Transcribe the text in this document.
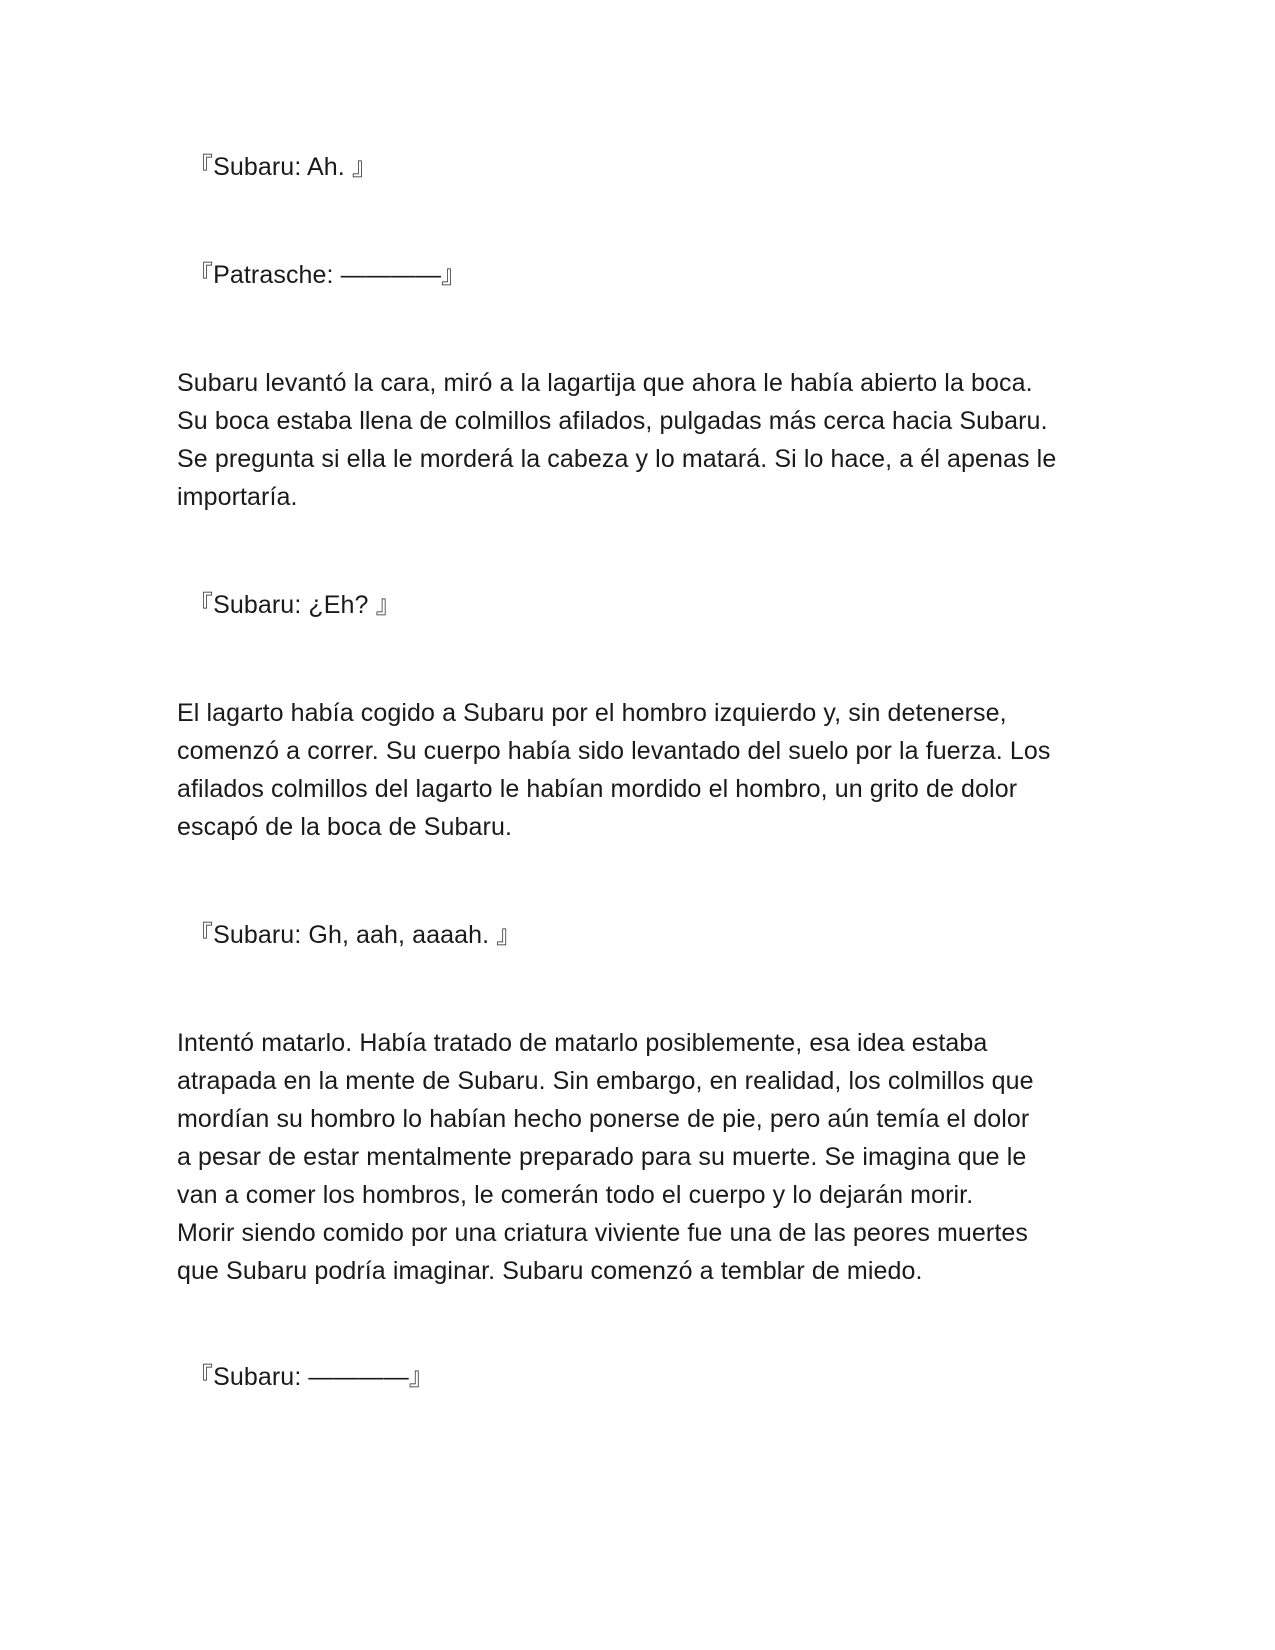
『Subaru: Ah. 』

『Patrasche: ————』

Subaru levantó la cara, miró a la lagartija que ahora le había abierto la boca.
Su boca estaba llena de colmillos afilados, pulgadas más cerca hacia Subaru.
Se pregunta si ella le morderá la cabeza y lo matará. Si lo hace, a él apenas le
importaría.

『Subaru: ¿Eh? 』

El lagarto había cogido a Subaru por el hombro izquierdo y, sin detenerse,
comenzó a correr. Su cuerpo había sido levantado del suelo por la fuerza. Los
afilados colmillos del lagarto le habían mordido el hombro, un grito de dolor
escapó de la boca de Subaru.

『Subaru: Gh, aah, aaaah. 』

Intentó matarlo. Había tratado de matarlo posiblemente, esa idea estaba
atrapada en la mente de Subaru. Sin embargo, en realidad, los colmillos que
mordían su hombro lo habían hecho ponerse de pie, pero aún temía el dolor
a pesar de estar mentalmente preparado para su muerte. Se imagina que le
van a comer los hombros, le comerán todo el cuerpo y lo dejarán morir.
Morir siendo comido por una criatura viviente fue una de las peores muertes
que Subaru podría imaginar. Subaru comenzó a temblar de miedo.

『Subaru: ————』
